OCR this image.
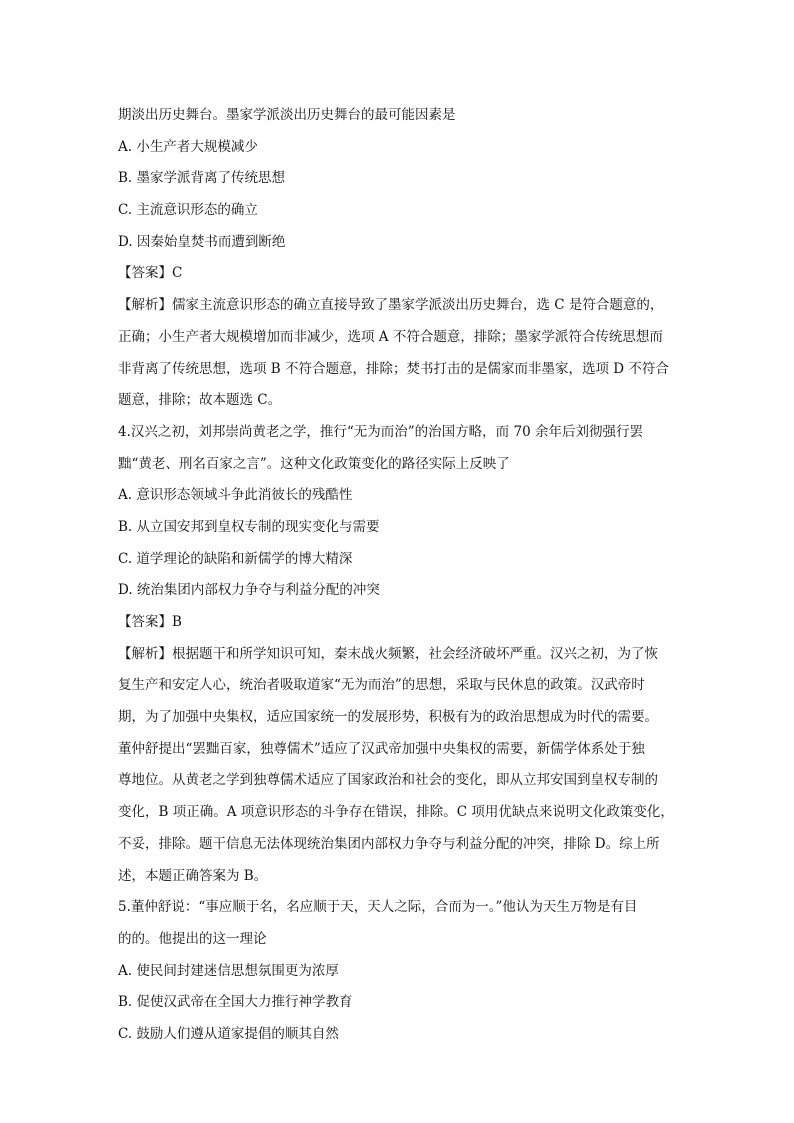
期淡出历史舞台。墨家学派淡出历史舞台的最可能因素是

A. 小生产者大规模减少

B. 墨家学派背离了传统思想

C. 主流意识形态的确立

D. 因秦始皇焚书而遭到断绝

【答案】C

【解析】儒家主流意识形态的确立直接导致了墨家学派淡出历史舞台，选 C 是符合题意的，

正确；小生产者大规模增加而非减少，选项 A 不符合题意，排除；墨家学派符合传统思想而

非背离了传统思想，选项 B 不符合题意，排除；焚书打击的是儒家而非墨家，选项 D 不符合

题意，排除；故本题选 C。

4.汉兴之初，刘邦崇尚黄老之学，推行“无为而治”的治国方略，而 70 余年后刘彻强行罢

黜“黄老、刑名百家之言”。这种文化政策变化的路径实际上反映了

A. 意识形态领域斗争此消彼长的残酷性

B. 从立国安邦到皇权专制的现实变化与需要

C. 道学理论的缺陷和新儒学的博大精深

D. 统治集团内部权力争夺与利益分配的冲突

【答案】B

【解析】根据题干和所学知识可知，秦末战火频繁，社会经济破坏严重。汉兴之初，为了恢

复生产和安定人心，统治者吸取道家“无为而治”的思想，采取与民休息的政策。汉武帝时

期，为了加强中央集权，适应国家统一的发展形势，积极有为的政治思想成为时代的需要。

董仲舒提出“罢黜百家，独尊儒术”适应了汉武帝加强中央集权的需要，新儒学体系处于独

尊地位。从黄老之学到独尊儒术适应了国家政治和社会的变化，即从立邦安国到皇权专制的

变化，B 项正确。A 项意识形态的斗争存在错误，排除。C 项用优缺点来说明文化政策变化，

不妥，排除。题干信息无法体现统治集团内部权力争夺与利益分配的冲突，排除 D。综上所

述，本题正确答案为 B。

5.董仲舒说：“事应顺于名，名应顺于天，天人之际，合而为一。”他认为天生万物是有目

的的。他提出的这一理论

A. 使民间封建迷信思想氛围更为浓厚

B. 促使汉武帝在全国大力推行神学教育

C. 鼓励人们遵从道家提倡的顺其自然
